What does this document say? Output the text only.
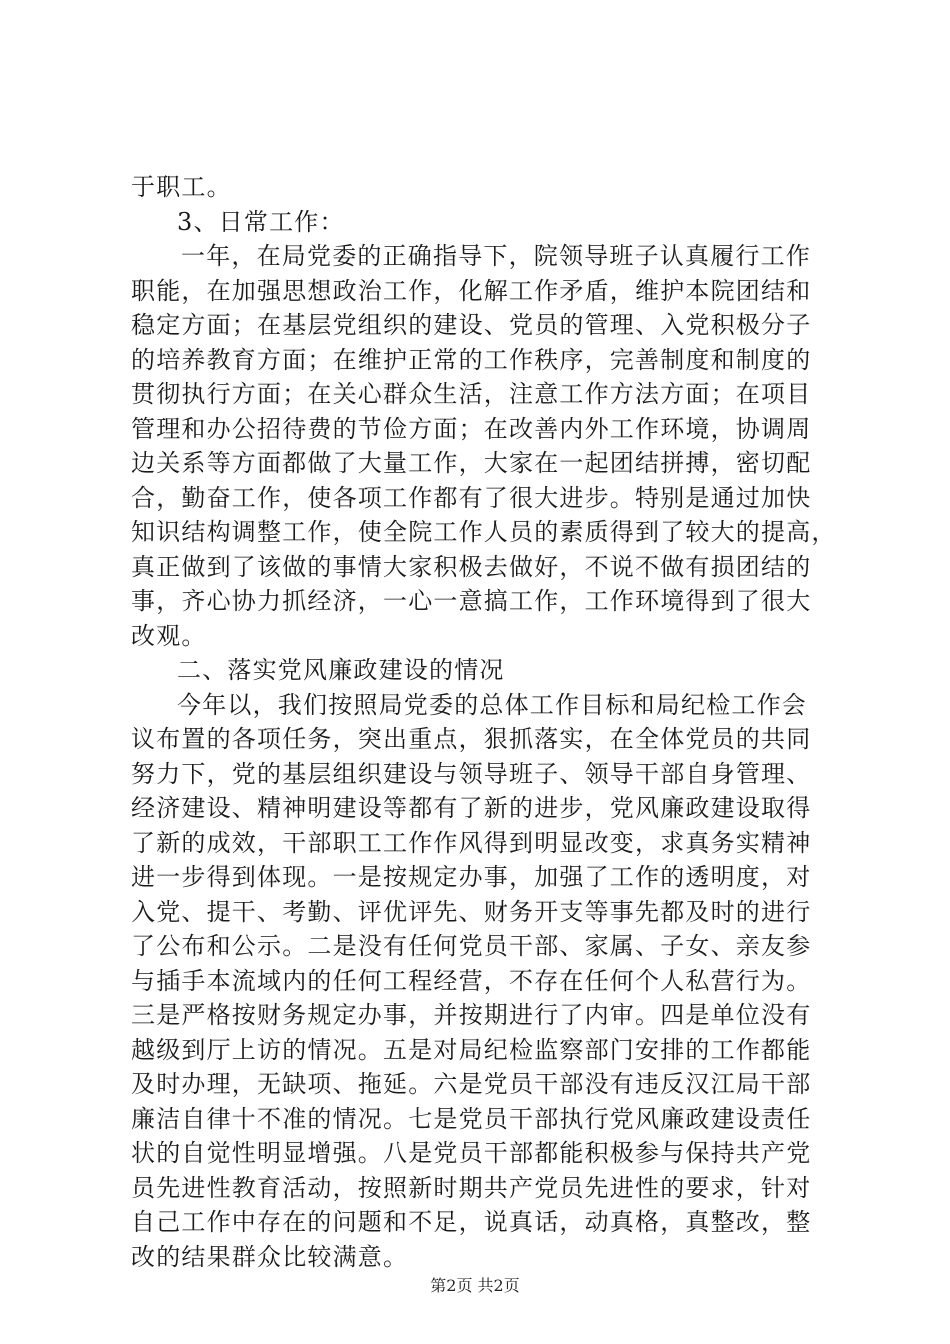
于职工。
3、日常工作：
一年，在局党委的正确指导下，院领导班子认真履行工作
职能，在加强思想政治工作，化解工作矛盾，维护本院团结和
稳定方面；在基层党组织的建设、党员的管理、入党积极分子
的培养教育方面；在维护正常的工作秩序，完善制度和制度的
贯彻执行方面；在关心群众生活，注意工作方法方面；在项目
管理和办公招待费的节俭方面；在改善内外工作环境，协调周
边关系等方面都做了大量工作，大家在一起团结拼搏，密切配
合，勤奋工作，使各项工作都有了很大进步。特别是通过加快
知识结构调整工作，使全院工作人员的素质得到了较大的提高，
真正做到了该做的事情大家积极去做好，不说不做有损团结的
事，齐心协力抓经济，一心一意搞工作，工作环境得到了很大
改观。
二、落实党风廉政建设的情况
今年以，我们按照局党委的总体工作目标和局纪检工作会
议布置的各项任务，突出重点，狠抓落实，在全体党员的共同
努力下，党的基层组织建设与领导班子、领导干部自身管理、
经济建设、精神明建设等都有了新的进步，党风廉政建设取得
了新的成效，干部职工工作作风得到明显改变，求真务实精神
进一步得到体现。一是按规定办事，加强了工作的透明度，对
入党、提干、考勤、评优评先、财务开支等事先都及时的进行
了公布和公示。二是没有任何党员干部、家属、子女、亲友参
与插手本流域内的任何工程经营，不存在任何个人私营行为。
三是严格按财务规定办事，并按期进行了内审。四是单位没有
越级到厅上访的情况。五是对局纪检监察部门安排的工作都能
及时办理，无缺项、拖延。六是党员干部没有违反汉江局干部
廉洁自律十不准的情况。七是党员干部执行党风廉政建设责任
状的自觉性明显增强。八是党员干部都能积极参与保持共产党
员先进性教育活动，按照新时期共产党员先进性的要求，针对
自己工作中存在的问题和不足，说真话，动真格，真整改，整
改的结果群众比较满意。
第2页 共2页
